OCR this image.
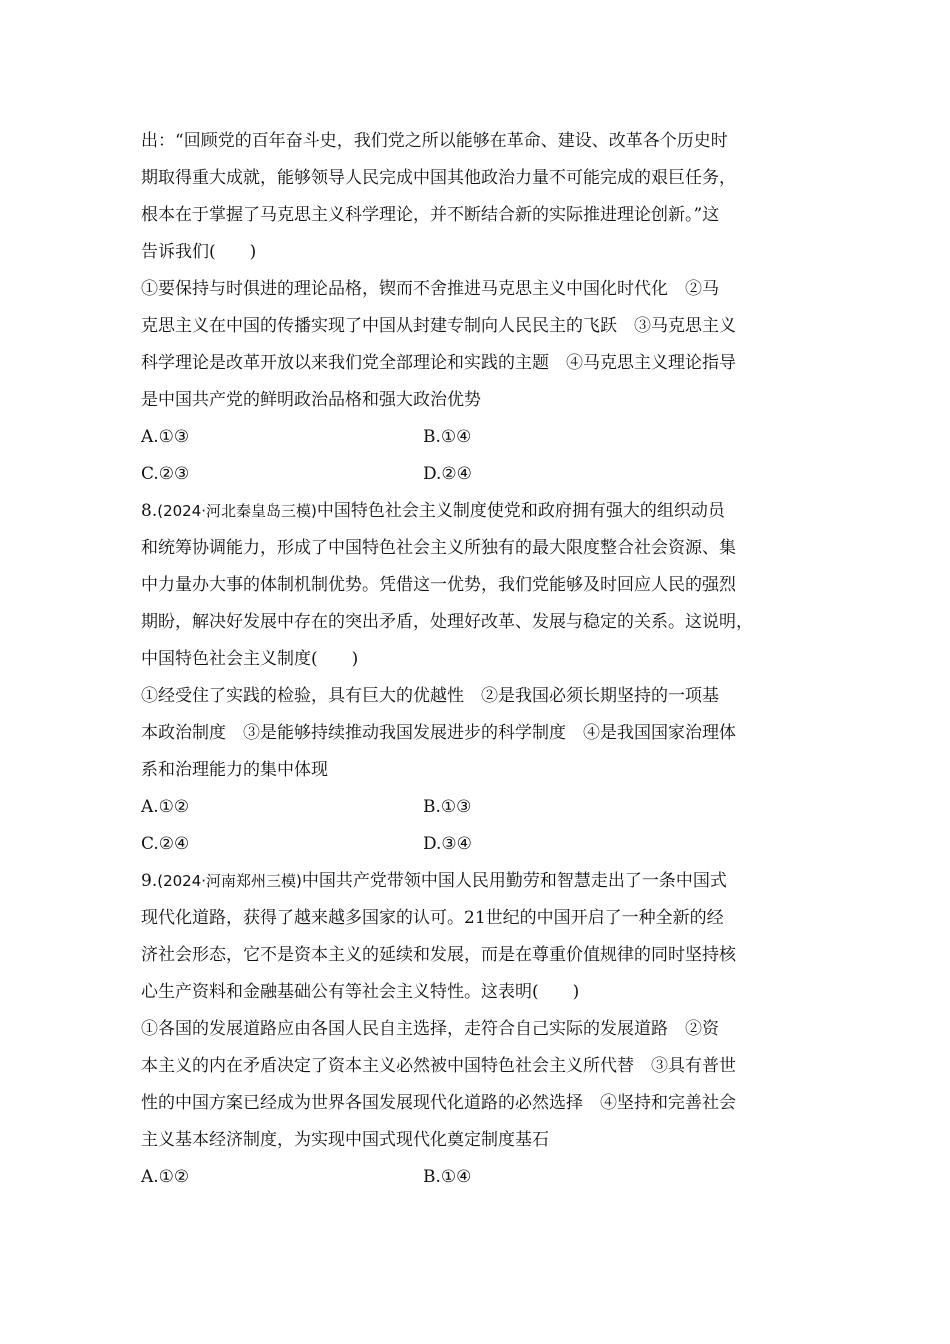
出：“回顾党的百年奋斗史，我们党之所以能够在革命、建设、改革各个历史时
期取得重大成就，能够领导人民完成中国其他政治力量不可能完成的艰巨任务，
根本在于掌握了马克思主义科学理论，并不断结合新的实际推进理论创新。”这
告诉我们(　　)
①要保持与时俱进的理论品格，锲而不舍推进马克思主义中国化时代化　②马
克思主义在中国的传播实现了中国从封建专制向人民民主的飞跃　③马克思主义
科学理论是改革开放以来我们党全部理论和实践的主题　④马克思主义理论指导
是中国共产党的鲜明政治品格和强大政治优势
A.①③	B.①④
C.②③	D.②④
8.(2024·河北秦皇岛三模)中国特色社会主义制度使党和政府拥有强大的组织动员
和统筹协调能力，形成了中国特色社会主义所独有的最大限度整合社会资源、集
中力量办大事的体制机制优势。凭借这一优势，我们党能够及时回应人民的强烈
期盼，解决好发展中存在的突出矛盾，处理好改革、发展与稳定的关系。这说明，
中国特色社会主义制度(　　)
①经受住了实践的检验，具有巨大的优越性　②是我国必须长期坚持的一项基
本政治制度　③是能够持续推动我国发展进步的科学制度　④是我国国家治理体
系和治理能力的集中体现
A.①②	B.①③
C.②④	D.③④
9.(2024·河南郑州三模)中国共产党带领中国人民用勤劳和智慧走出了一条中国式
现代化道路，获得了越来越多国家的认可。21世纪的中国开启了一种全新的经
济社会形态，它不是资本主义的延续和发展，而是在尊重价值规律的同时坚持核
心生产资料和金融基础公有等社会主义特性。这表明(　　)
①各国的发展道路应由各国人民自主选择，走符合自己实际的发展道路　②资
本主义的内在矛盾决定了资本主义必然被中国特色社会主义所代替　③具有普世
性的中国方案已经成为世界各国发展现代化道路的必然选择　④坚持和完善社会
主义基本经济制度，为实现中国式现代化奠定制度基石
A.①②	B.①④
